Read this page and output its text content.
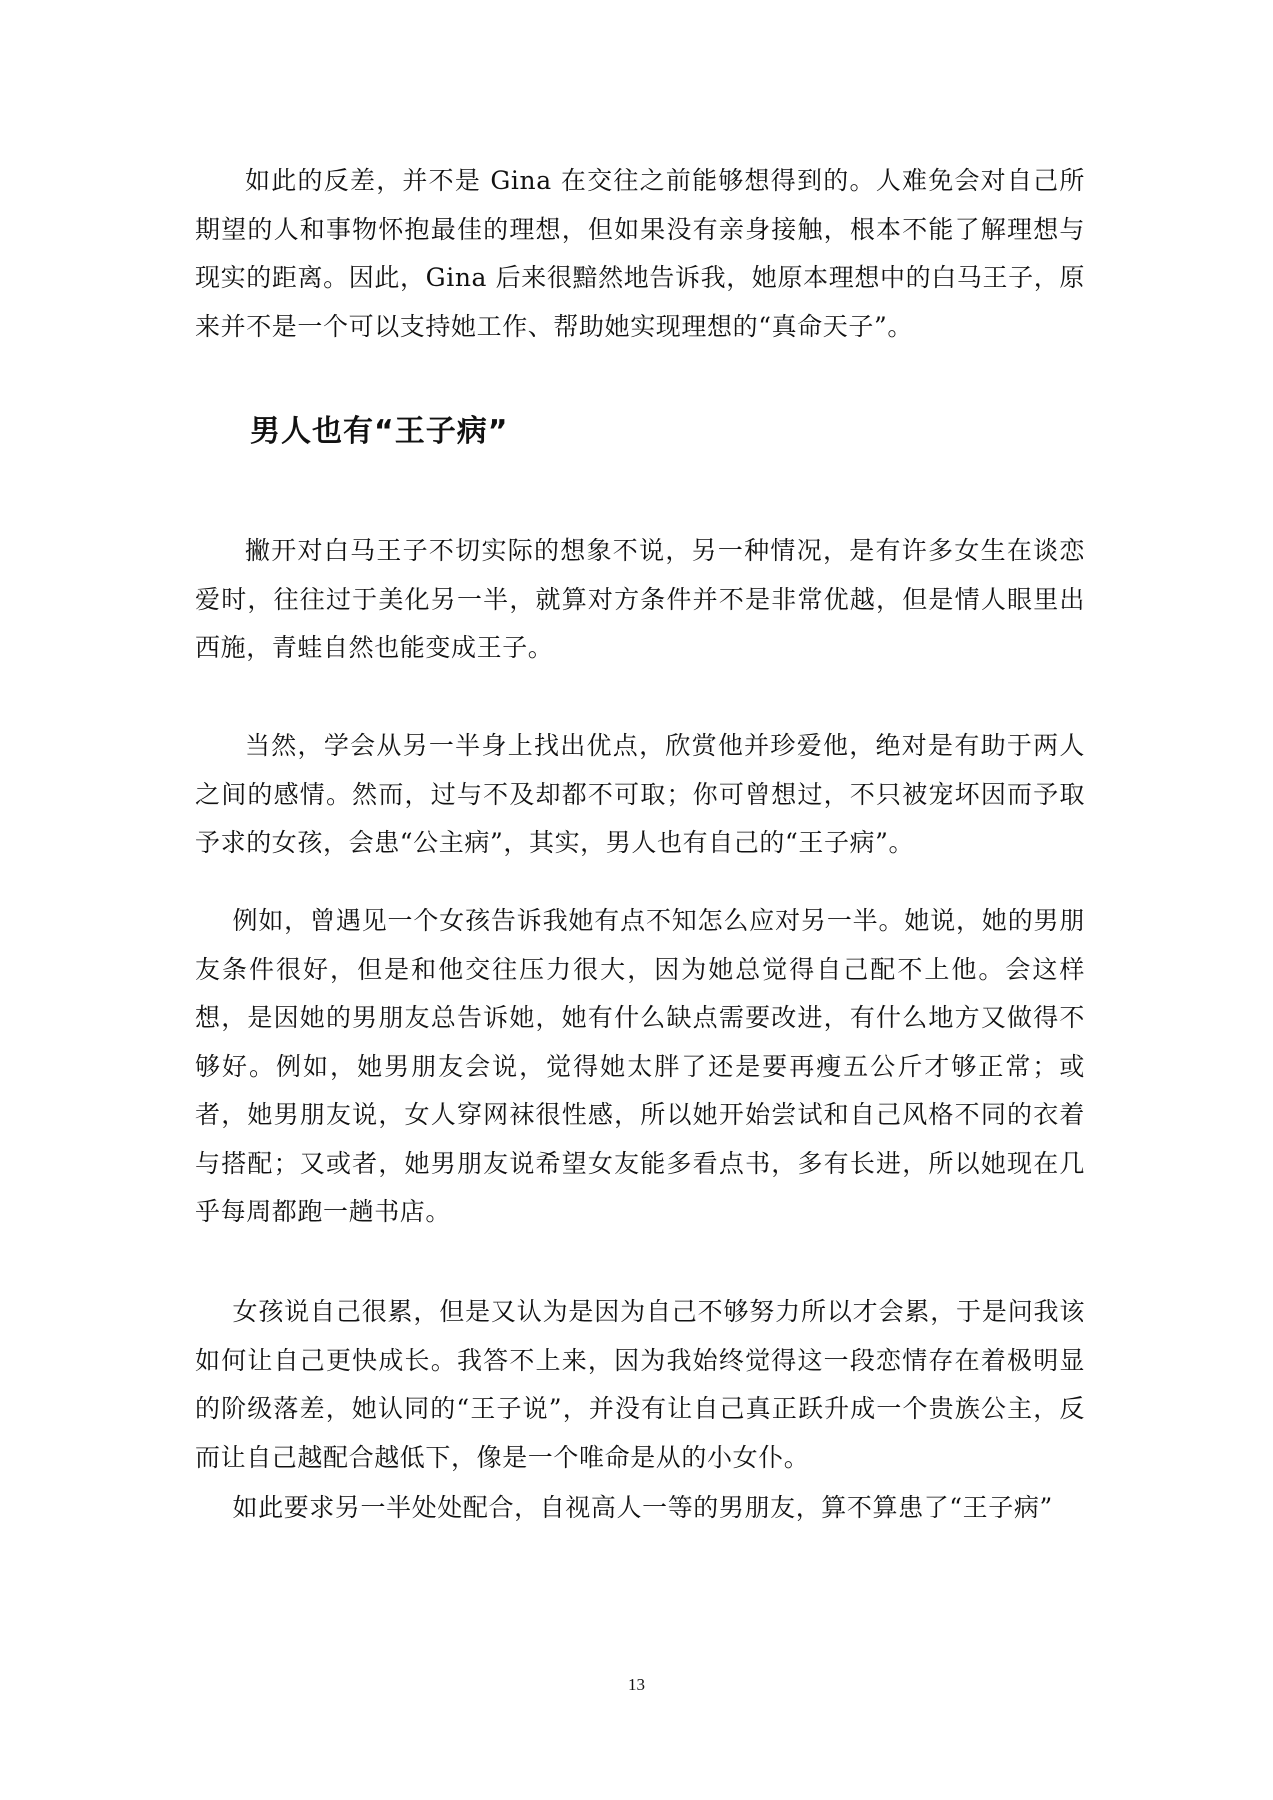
如此的反差，并不是 Gina 在交往之前能够想得到的。人难免会对自己所期望的人和事物怀抱最佳的理想，但如果没有亲身接触，根本不能了解理想与现实的距离。因此，Gina 后来很黯然地告诉我，她原本理想中的白马王子，原来并不是一个可以支持她工作、帮助她实现理想的“真命天子”。

男人也有“王子病”

撇开对白马王子不切实际的想象不说，另一种情况，是有许多女生在谈恋爱时，往往过于美化另一半，就算对方条件并不是非常优越，但是情人眼里出西施，青蛙自然也能变成王子。

当然，学会从另一半身上找出优点，欣赏他并珍爱他，绝对是有助于两人之间的感情。然而，过与不及却都不可取；你可曾想过，不只被宠坏因而予取予求的女孩，会患“公主病”，其实，男人也有自己的“王子病”。

例如，曾遇见一个女孩告诉我她有点不知怎么应对另一半。她说，她的男朋友条件很好，但是和他交往压力很大，因为她总觉得自己配不上他。会这样想，是因她的男朋友总告诉她，她有什么缺点需要改进，有什么地方又做得不够好。例如，她男朋友会说，觉得她太胖了还是要再瘦五公斤才够正常；或者，她男朋友说，女人穿网袜很性感，所以她开始尝试和自己风格不同的衣着与搭配；又或者，她男朋友说希望女友能多看点书，多有长进，所以她现在几乎每周都跑一趟书店。

女孩说自己很累，但是又认为是因为自己不够努力所以才会累，于是问我该如何让自己更快成长。我答不上来，因为我始终觉得这一段恋情存在着极明显的阶级落差，她认同的“王子说”，并没有让自己真正跃升成一个贵族公主，反而让自己越配合越低下，像是一个唯命是从的小女仆。

如此要求另一半处处配合，自视高人一等的男朋友，算不算患了“王子病”

13
